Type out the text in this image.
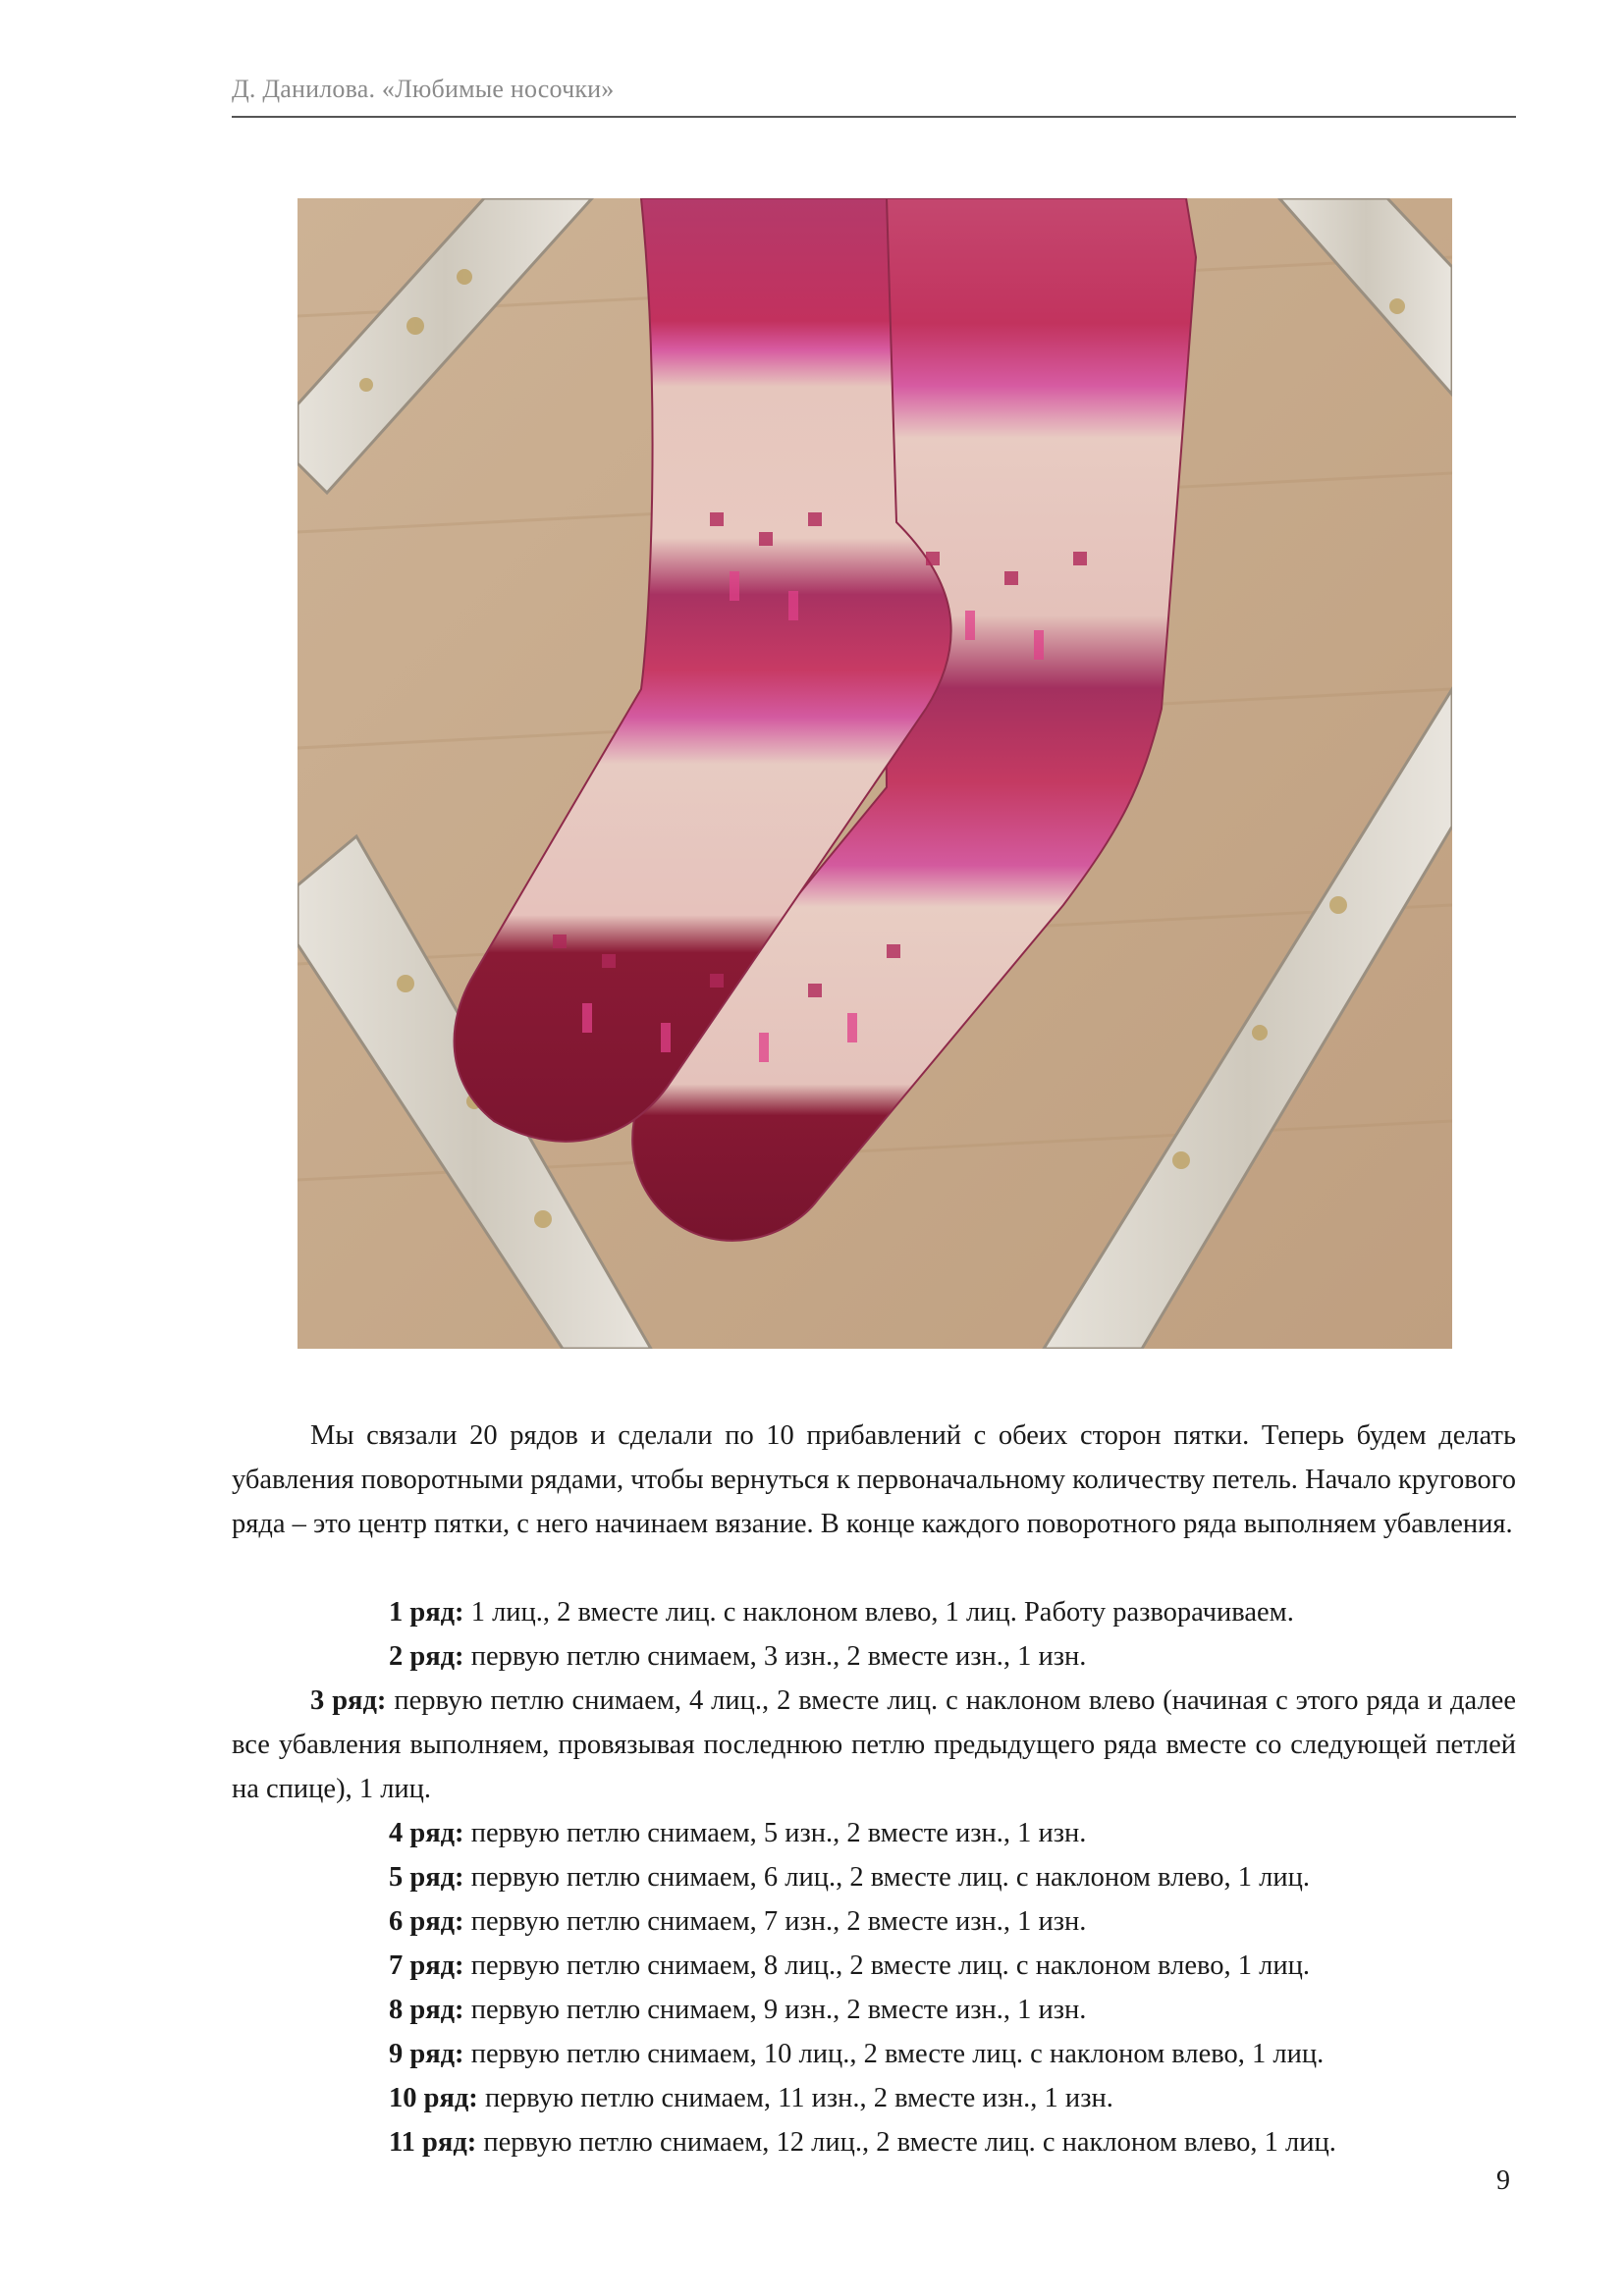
Д. Данилова. «Любимые носочки»

Мы связали 20 рядов и сделали по 10 прибавлений с обеих сторон пятки. Теперь будем делать убавления поворотными рядами, чтобы вернуться к первоначальному количеству петель. Начало кругового ряда – это центр пятки, с него начинаем вязание. В конце каждого поворотного ряда выполняем убавления.

1 ряд: 1 лиц., 2 вместе лиц. с наклоном влево, 1 лиц. Работу разворачиваем.

2 ряд: первую петлю снимаем, 3 изн., 2 вместе изн., 1 изн.

3 ряд: первую петлю снимаем, 4 лиц., 2 вместе лиц. с наклоном влево (начиная с этого ряда и далее все убавления выполняем, провязывая последнюю петлю предыдущего ряда вместе со следующей петлей на спице), 1 лиц.

4 ряд: первую петлю снимаем, 5 изн., 2 вместе изн., 1 изн.

5 ряд: первую петлю снимаем, 6 лиц., 2 вместе лиц. с наклоном влево, 1 лиц.

6 ряд: первую петлю снимаем, 7 изн., 2 вместе изн., 1 изн.

7 ряд: первую петлю снимаем, 8 лиц., 2 вместе лиц. с наклоном влево, 1 лиц.

8 ряд: первую петлю снимаем, 9 изн., 2 вместе изн., 1 изн.

9 ряд: первую петлю снимаем, 10 лиц., 2 вместе лиц. с наклоном влево, 1 лиц.

10 ряд: первую петлю снимаем, 11 изн., 2 вместе изн., 1 изн.

11 ряд: первую петлю снимаем, 12 лиц., 2 вместе лиц. с наклоном влево, 1 лиц.

9
